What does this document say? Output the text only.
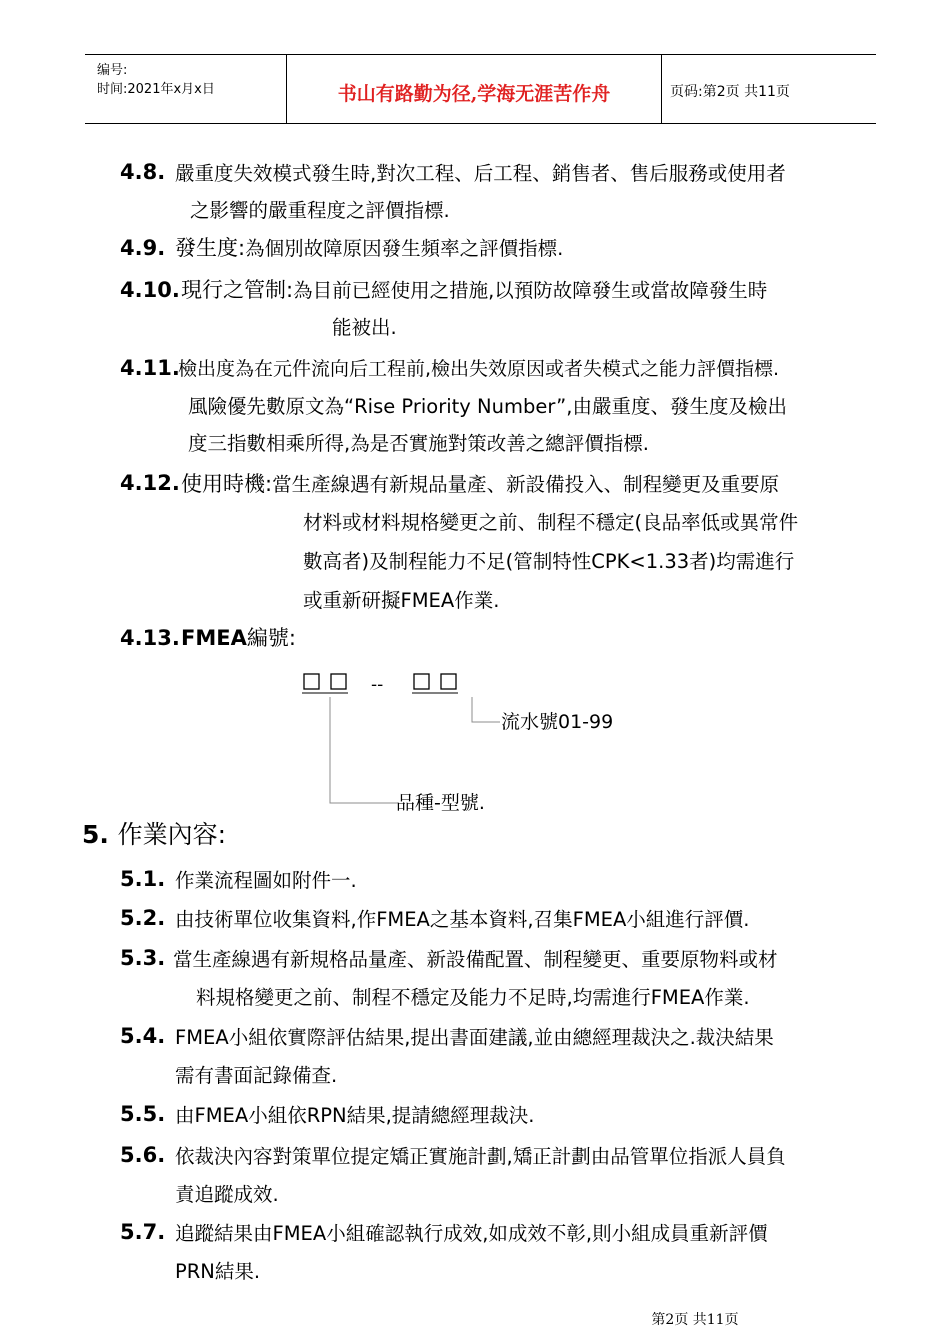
编号:
时间:2021年x月x日	书山有路勤为径,学海无涯苦作舟	页码:第2页 共11页
4.8. 嚴重度失效模式發生時,對次工程、后工程、銷售者、售后服務或使用者
之影響的嚴重程度之評價指標.
4.9. 發生度:為個別故障原因發生頻率之評價指標.
4.10. 現行之管制:為目前已經使用之措施,以預防故障發生或當故障發生時
能被出.
4.11.
檢出度為在元件流向后工程前,檢出失效原因或者失模式之能力評價指標.
風險優先數原文為“Rise Priority Number”,由嚴重度、發生度及檢出
度三指數相乘所得,為是否實施對策改善之總評價指標.
4.12. 使用時機:當生產線遇有新規品量產、新設備投入、制程變更及重要原
材料或材料規格變更之前、制程不穩定(良品率低或異常件
數高者)及制程能力不足(管制特性CPK<1.33者)均需進行
或重新研擬FMEA作業.
4.13. FMEA編號:
--
流水號01-99
品種-型號.
5. 作業內容:
5.1. 作業流程圖如附件一.
5.2. 由技術單位收集資料,作FMEA之基本資料,召集FMEA小組進行評價.
5.3. 當生產線遇有新規格品量產、新設備配置、制程變更、重要原物料或材
料規格變更之前、制程不穩定及能力不足時,均需進行FMEA作業.
5.4. FMEA小組依實際評估結果,提出書面建議,並由總經理裁決之.裁決結果
需有書面記錄備查.
5.5. 由FMEA小組依RPN結果,提請總經理裁決.
5.6. 依裁決內容對策單位提定矯正實施計劃,矯正計劃由品管單位指派人員負
責追蹤成效.
5.7. 追蹤結果由FMEA小組確認執行成效,如成效不彰,則小組成員重新評價
PRN結果.
第2页 共11页
